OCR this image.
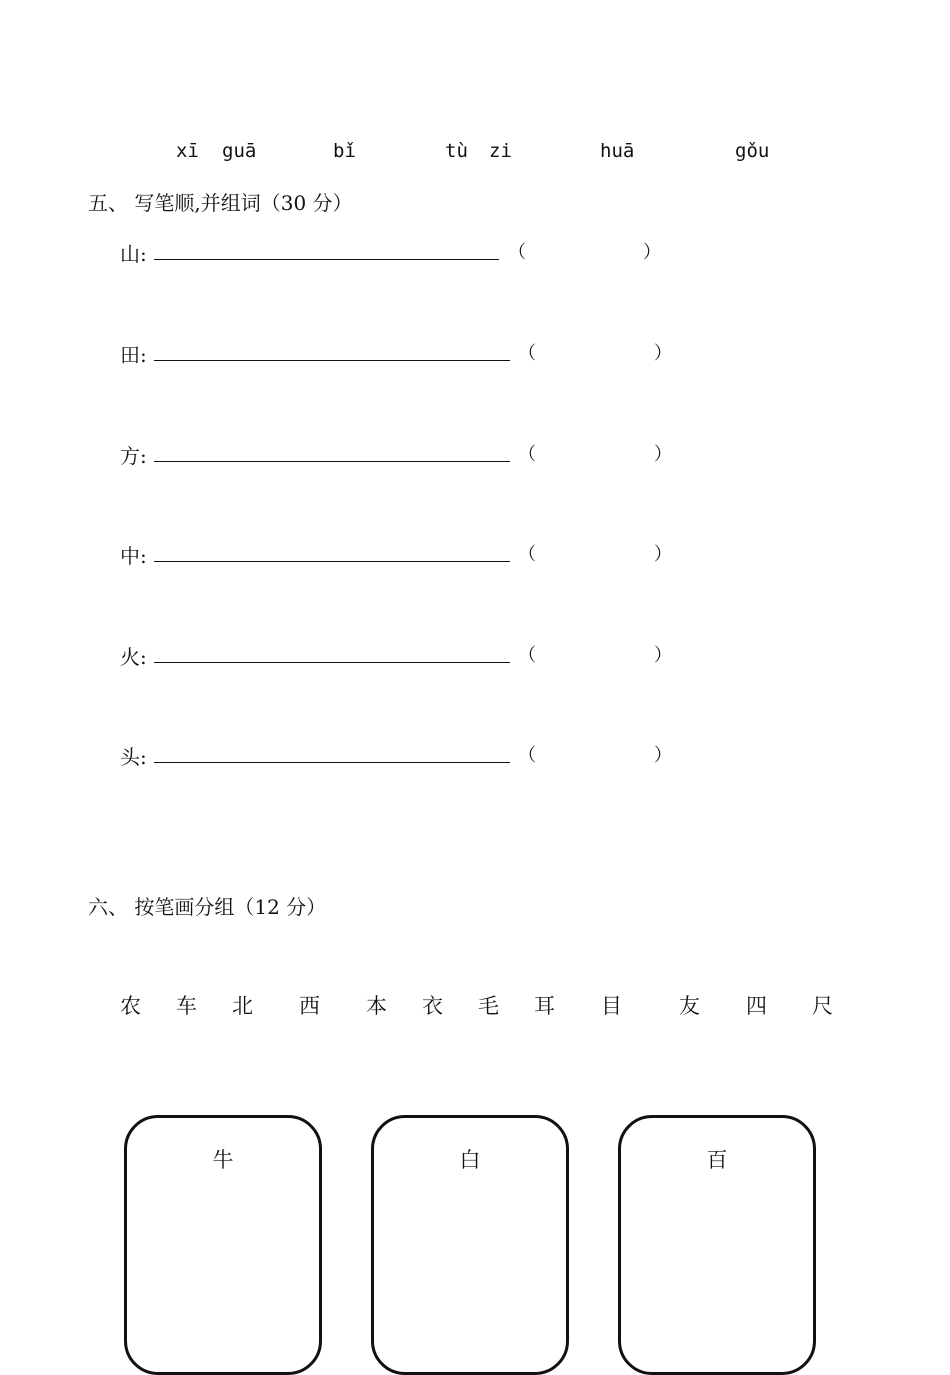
xī guā	bǐ	tù zi	huā	gǒu
五、 写笔顺,并组词（30 分）
山:	（	）
田:	（	）
方:	（	）
中:	（	）
火:	（	）
头:	（	）
六、 按笔画分组（12 分）
农 车 北 西 本 衣 毛 耳 目	友 四 尺
牛	白	百
